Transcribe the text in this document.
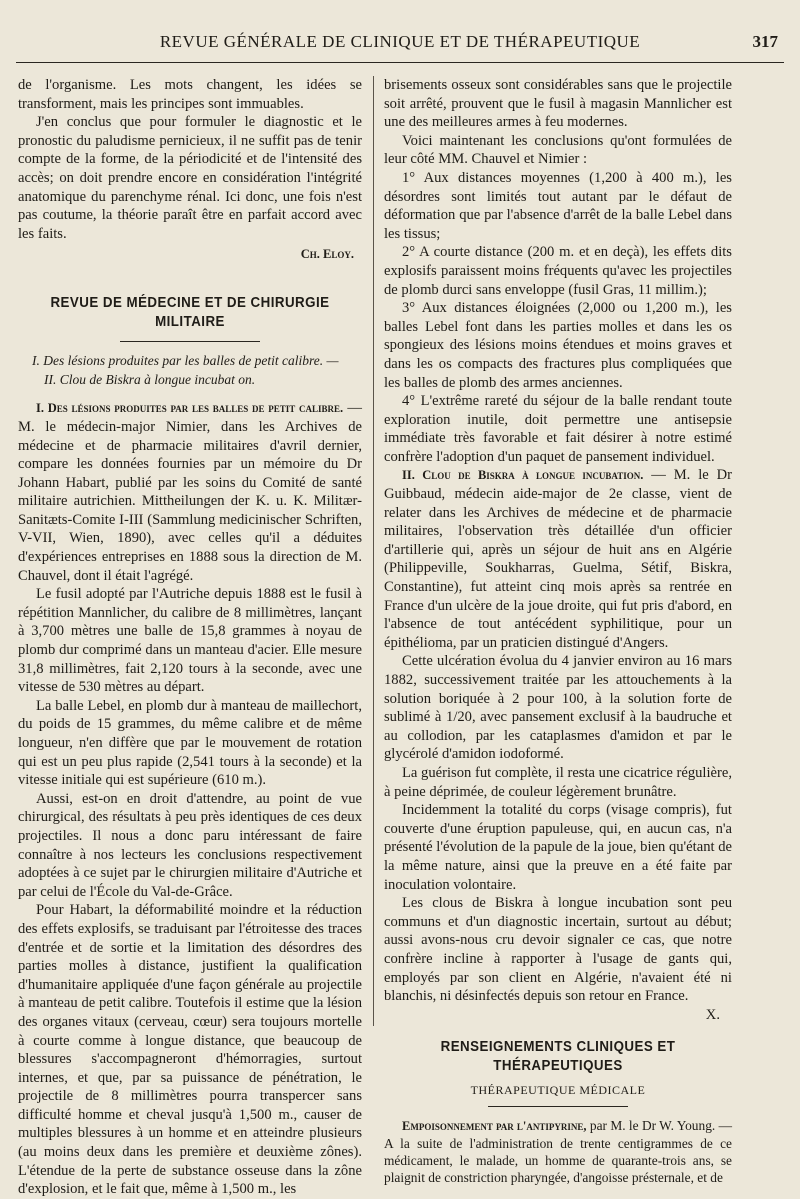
REVUE GÉNÉRALE DE CLINIQUE ET DE THÉRAPEUTIQUE	317

de l'organisme. Les mots changent, les idées se transforment, mais les principes sont immuables.

J'en conclus que pour formuler le diagnostic et le pronostic du paludisme pernicieux, il ne suffit pas de tenir compte de la forme, de la périodicité et de l'intensité des accès; on doit prendre encore en considération l'intégrité anatomique du parenchyme rénal. Ici donc, une fois n'est pas coutume, la théorie paraît être en parfait accord avec les faits.

Ch. Eloy.
REVUE DE MÉDECINE ET DE CHIRURGIE MILITAIRE
I. Des lésions produites par les balles de petit calibre. —
II. Clou de Biskra à longue incubat on.

I. Des lésions produites par les balles de petit calibre. — M. le médecin-major Nimier, dans les Archives de médecine et de pharmacie militaires d'avril dernier, compare les données fournies par un mémoire du Dr Johann Habart, publié par les soins du Comité de santé militaire autrichien. Mittheilungen der K. u. K. Militær-Sanitæts-Comite I-III (Sammlung medicinischer Schriften, V-VII, Wien, 1890), avec celles qu'il a déduites d'expériences entreprises en 1888 sous la direction de M. Chauvel, dont il était l'agrégé.

Le fusil adopté par l'Autriche depuis 1888 est le fusil à répétition Mannlicher, du calibre de 8 millimètres, lançant à 3,700 mètres une balle de 15,8 grammes à noyau de plomb dur comprimé dans un manteau d'acier. Elle mesure 31,8 millimètres, fait 2,120 tours à la seconde, avec une vitesse de 530 mètres au départ.

La balle Lebel, en plomb dur à manteau de maillechort, du poids de 15 grammes, du même calibre et de même longueur, n'en diffère que par le mouvement de rotation qui est un peu plus rapide (2,541 tours à la seconde) et la vitesse initiale qui est supérieure (610 m.).

Aussi, est-on en droit d'attendre, au point de vue chirurgical, des résultats à peu près identiques de ces deux projectiles. Il nous a donc paru intéressant de faire connaître à nos lecteurs les conclusions respectivement adoptées à ce sujet par le chirurgien militaire d'Autriche et par celui de l'École du Val-de-Grâce.

Pour Habart, la déformabilité moindre et la réduction des effets explosifs, se traduisant par l'étroitesse des traces d'entrée et de sortie et la limitation des désordres des parties molles à distance, justifient la qualification d'humanitaire appliquée d'une façon générale au projectile à manteau de petit calibre. Toutefois il estime que la lésion des organes vitaux (cerveau, cœur) sera toujours mortelle à courte comme à longue distance, que beaucoup de blessures s'accompagneront d'hémorragies, surtout internes, et que, par sa puissance de pénétration, le projectile de 8 millimètres pourra transpercer sans difficulté homme et cheval jusqu'à 1,500 m., causer de multiples blessures à un homme et en atteindre plusieurs (au moins deux dans les première et deuxième zônes). L'étendue de la perte de substance osseuse dans la zône d'explosion, et le fait que, même à 1,500 m., les

brisements osseux sont considérables sans que le projectile soit arrêté, prouvent que le fusil à magasin Mannlicher est une des meilleures armes à feu modernes.

Voici maintenant les conclusions qu'ont formulées de leur côté MM. Chauvel et Nimier :

1° Aux distances moyennes (1,200 à 400 m.), les désordres sont limités tout autant par le défaut de déformation que par l'absence d'arrêt de la balle Lebel dans les tissus;

2° A courte distance (200 m. et en deçà), les effets dits explosifs paraissent moins fréquents qu'avec les projectiles de plomb durci sans enveloppe (fusil Gras, 11 millim.);

3° Aux distances éloignées (2,000 ou 1,200 m.), les balles Lebel font dans les parties molles et dans les os spongieux des lésions moins étendues et moins graves et dans les os compacts des fractures plus compliquées que les balles de plomb des armes anciennes.

4° L'extrême rareté du séjour de la balle rendant toute exploration inutile, doit permettre une antisepsie immédiate très favorable et fait désirer à notre estimé confrère l'adoption d'un paquet de pansement individuel.

II. Clou de Biskra à longue incubation. — M. le Dr Guibbaud, médecin aide-major de 2e classe, vient de relater dans les Archives de médecine et de pharmacie militaires, l'observation très détaillée d'un officier d'artillerie qui, après un séjour de huit ans en Algérie (Philippeville, Soukharras, Guelma, Sétif, Biskra, Constantine), fut atteint cinq mois après sa rentrée en France d'un ulcère de la joue droite, qui fut pris d'abord, en l'absence de tout antécédent syphilitique, pour un épithélioma, par un praticien distingué d'Angers.

Cette ulcération évolua du 4 janvier environ au 16 mars 1882, successivement traitée par les attouchements à la solution boriquée à 2 pour 100, à la solution forte de sublimé à 1/20, avec pansement exclusif à la baudruche et au collodion, par les cataplasmes d'amidon et par le glycérolé d'amidon iodoformé.

La guérison fut complète, il resta une cicatrice régulière, à peine déprimée, de couleur légèrement brunâtre.

Incidemment la totalité du corps (visage compris), fut couverte d'une éruption papuleuse, qui, en aucun cas, n'a présenté l'évolution de la papule de la joue, bien qu'étant de la même nature, ainsi que la preuve en a été faite par inoculation volontaire.

Les clous de Biskra à longue incubation sont peu communs et d'un diagnostic incertain, surtout au début; aussi avons-nous cru devoir signaler ce cas, que notre confrère incline à rapporter à l'usage de gants qui, employés par son client en Algérie, n'avaient été ni blanchis, ni désinfectés depuis son retour en France.

X.
RENSEIGNEMENTS CLINIQUES ET THÉRAPEUTIQUES
THÉRAPEUTIQUE MÉDICALE

Empoisonnement par l'antipyrine, par M. le Dr W. Young. — A la suite de l'administration de trente centigrammes de ce médicament, le malade, un homme de quarante-trois ans, se plaignit de constriction pharyngée, d'angoisse présternale, et de
